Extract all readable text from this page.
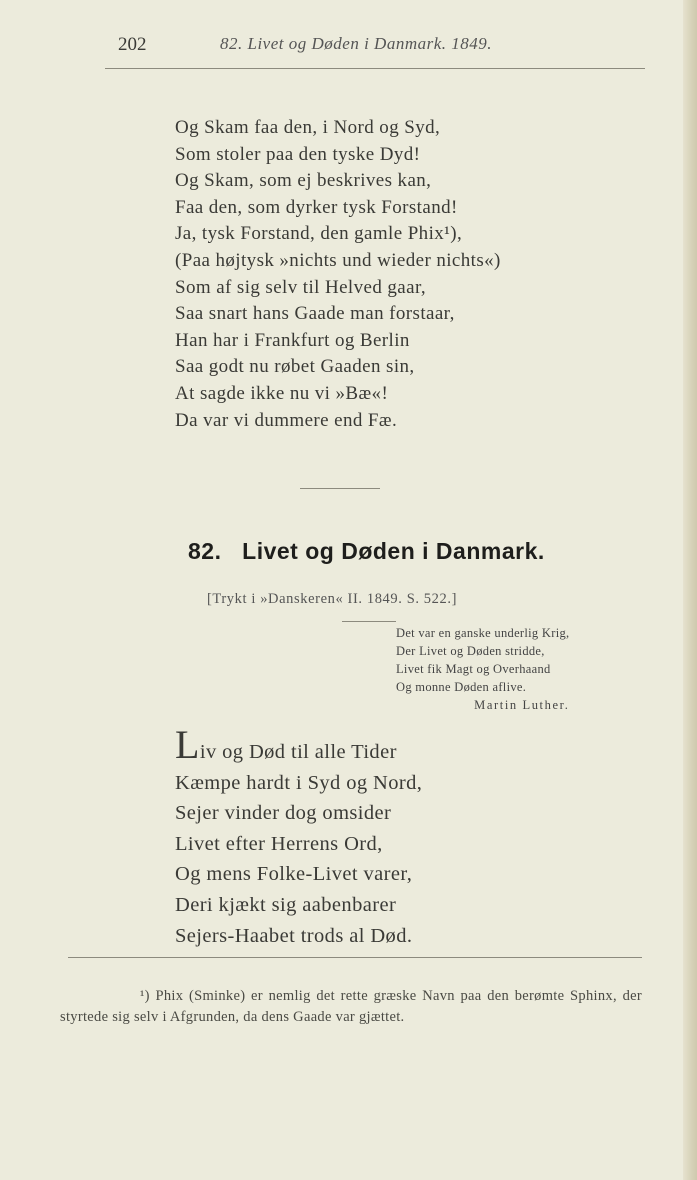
202	82. Livet og Døden i Danmark. 1849.
Og Skam faa den, i Nord og Syd,
Som stoler paa den tyske Dyd!
Og Skam, som ej beskrives kan,
Faa den, som dyrker tysk Forstand!
Ja, tysk Forstand, den gamle Phix¹),
(Paa højtysk »nichts und wieder nichts«)
Som af sig selv til Helved gaar,
Saa snart hans Gaade man forstaar,
Han har i Frankfurt og Berlin
Saa godt nu røbet Gaaden sin,
At sagde ikke nu vi »Bæ«!
Da var vi dummere end Fæ.
82.   Livet og Døden i Danmark.
[Trykt i »Danskeren« II. 1849. S. 522.]
Det var en ganske underlig Krig,
Der Livet og Døden stridde,
Livet fik Magt og Overhaand
Og monne Døden aflive.
Martin Luther.
Liv og Død til alle Tider
Kæmpe hardt i Syd og Nord,
Sejer vinder dog omsider
Livet efter Herrens Ord,
Og mens Folke-Livet varer,
Deri kjækt sig aabenbarer
Sejers-Haabet trods al Død.
¹) Phix (Sminke) er nemlig det rette græske Navn paa den berømte Sphinx, der styrtede sig selv i Afgrunden, da dens Gaade var gjættet.
